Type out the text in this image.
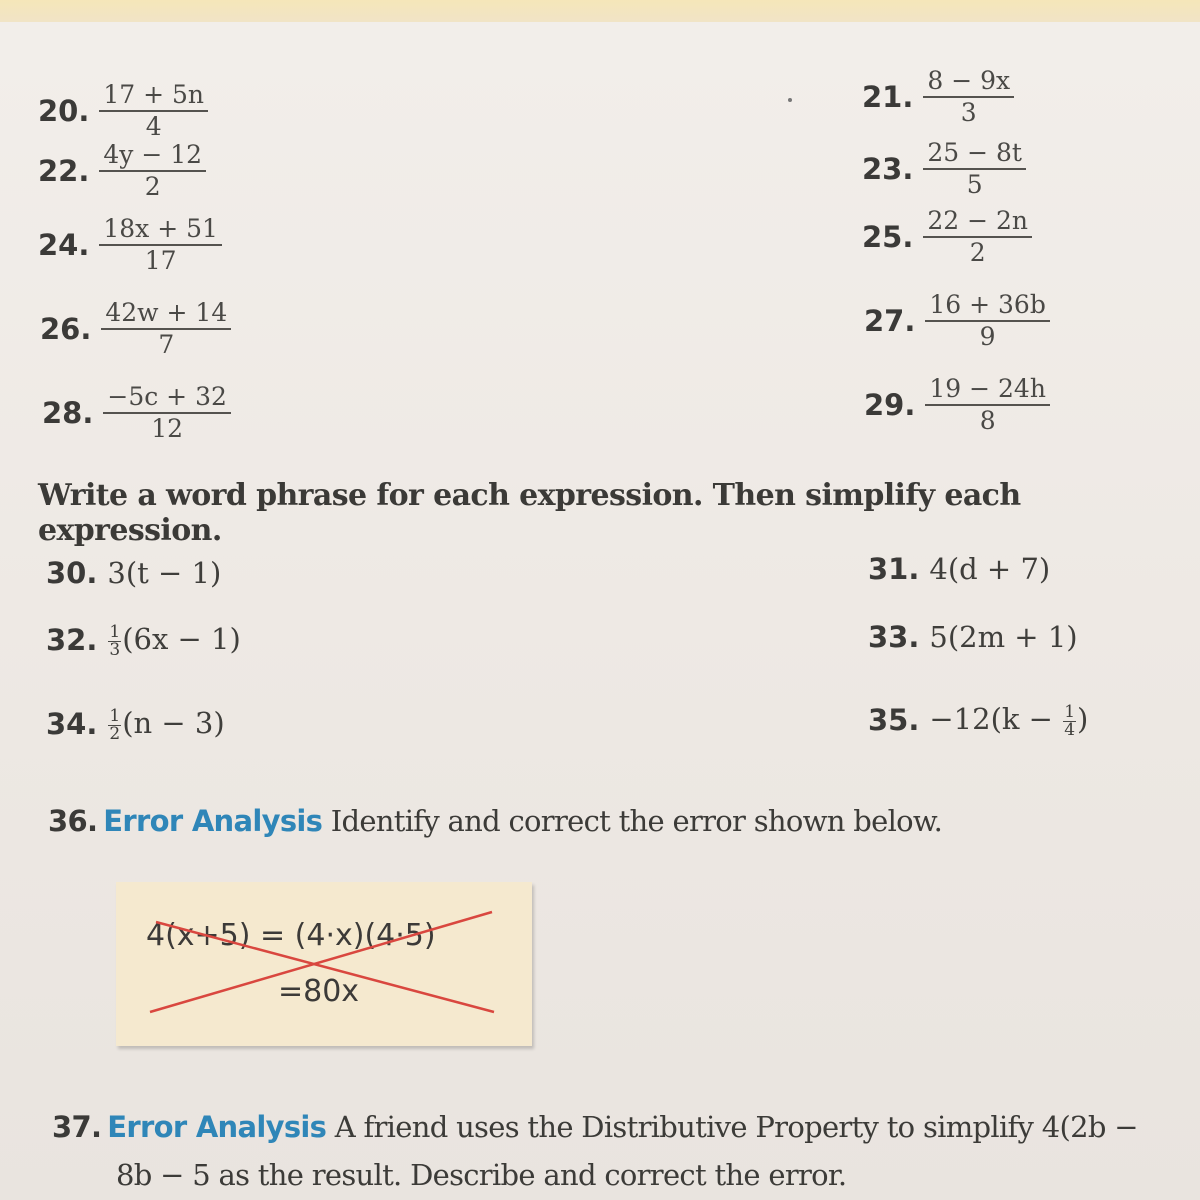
20. $\frac{17 + 5n}{4}$	21. $\frac{8 - 9x}{3}$
22. $\frac{4y - 12}{2}$	23. $\frac{25 - 8t}{5}$
24. $\frac{18x + 51}{17}$	25. $\frac{22 - 2n}{2}$
26. $\frac{42w + 14}{7}$	27. $\frac{16 + 36b}{9}$
28. $\frac{-5c + 32}{12}$	29. $\frac{19 - 24h}{8}$
Write a word phrase for each expression. Then simplify each expression.
30. 3(t − 1)	31. 4(d + 7)
32. $\frac{1}{3} (6x - 1)$	33. 5(2m + 1)
34. $\frac{1}{2} (n - 3)$	35. $-12(k - \frac{1}{4}$ )
36. Error Analysis Identify and correct the error shown below.
4(x+5) = (4·x)(4·5)
=80x
37. Error Analysis A friend uses the Distributive Property to simplify 4(2b −
8b − 5 as the result. Describe and correct the error.
